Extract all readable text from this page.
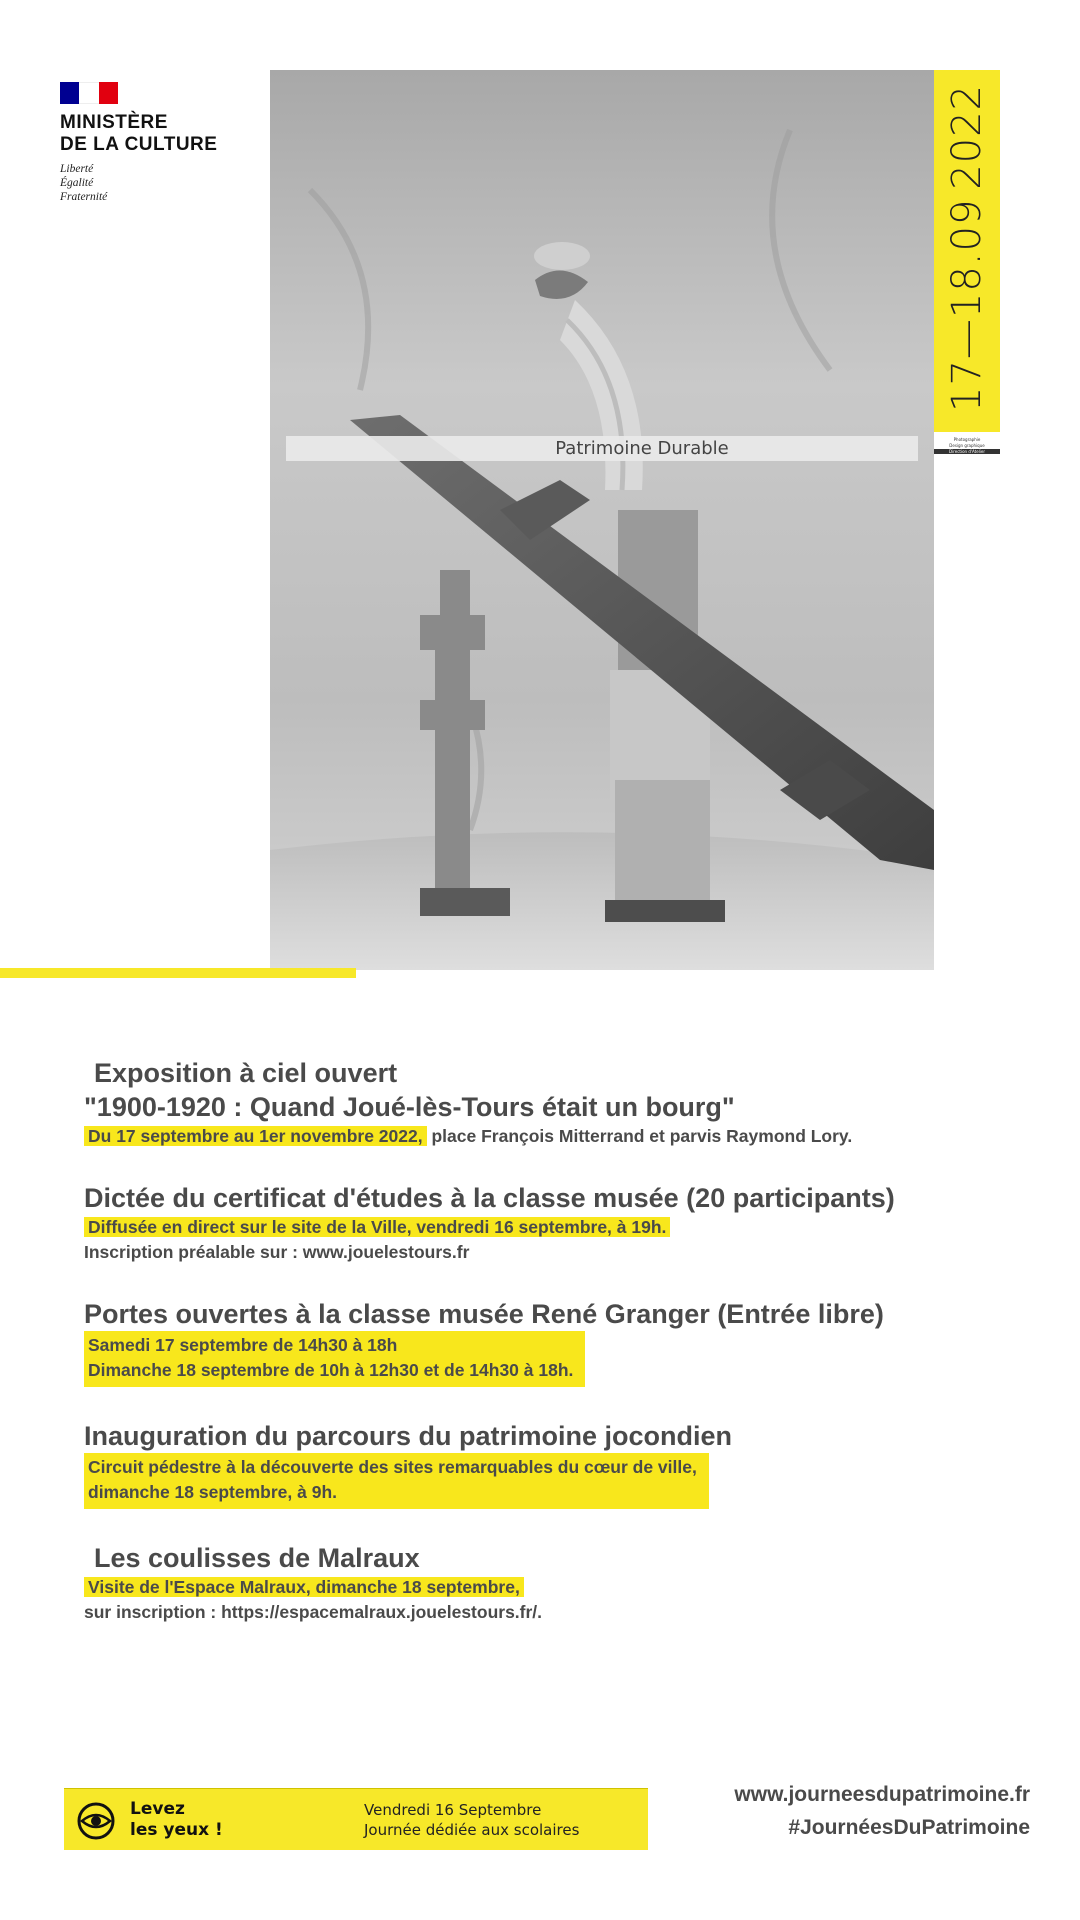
MINISTÈRE
DE LA CULTURE
Liberté
Égalité
Fraternité
Patrimoine Durable
17—18.09
2022
Photographie
Design graphique
Direction d'Atelier
Exposition à ciel ouvert
"1900-1920 : Quand Joué-lès-Tours était un bourg"
Du 17 septembre au 1er novembre 2022, place François Mitterrand et parvis Raymond Lory.
Dictée du certificat d'études à la classe musée (20 participants)
Diffusée en direct sur le site de la Ville, vendredi 16 septembre, à 19h.
Inscription préalable sur : www.jouelestours.fr
Portes ouvertes à la classe musée René Granger (Entrée libre)
Samedi 17 septembre de 14h30 à 18h
Dimanche 18 septembre de 10h à 12h30 et de 14h30 à 18h.
Inauguration du parcours du patrimoine jocondien
Circuit pédestre à la découverte des sites remarquables du cœur de ville,
dimanche 18 septembre, à 9h.
Les coulisses de Malraux
Visite de l'Espace Malraux, dimanche 18 septembre,
sur inscription : https://espacemalraux.jouelestours.fr/.
Levez
les yeux !
Vendredi 16 Septembre
Journée dédiée aux scolaires
www.journeesdupatrimoine.fr
#JournéesDuPatrimoine
